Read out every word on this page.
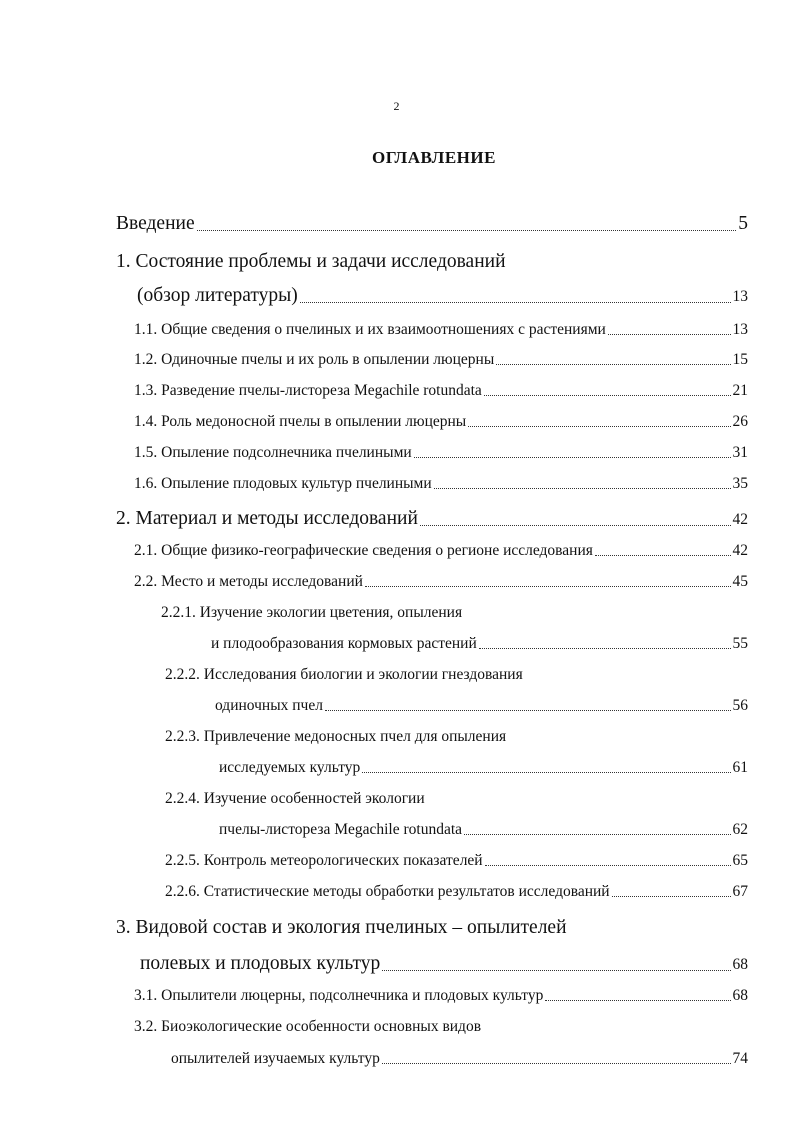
2
ОГЛАВЛЕНИЕ
Введение	5
1. Состояние проблемы и задачи исследований
(обзор литературы)	13
1.1. Общие сведения о пчелиных и их взаимоотношениях с растениями	13
1.2. Одиночные пчелы и их роль в опылении люцерны	15
1.3. Разведение пчелы-листореза Megachile rotundata	21
1.4. Роль медоносной пчелы в опылении люцерны	26
1.5. Опыление подсолнечника пчелиными	31
1.6. Опыление плодовых культур пчелиными	35
2. Материал и методы исследований	42
2.1. Общие физико-географические сведения о регионе исследования	42
2.2. Место и методы исследований	45
2.2.1. Изучение экологии цветения, опыления
и плодообразования кормовых растений	55
2.2.2. Исследования биологии и экологии гнездования
одиночных пчел	56
2.2.3. Привлечение медоносных пчел для опыления
исследуемых культур	61
2.2.4. Изучение особенностей экологии
пчелы-листореза Megachile rotundata	62
2.2.5. Контроль метеорологических показателей	65
2.2.6. Статистические методы обработки результатов исследований	67
3. Видовой состав и экология пчелиных – опылителей
полевых и плодовых культур	68
3.1. Опылители люцерны, подсолнечника и плодовых культур	68
3.2. Биоэкологические особенности основных видов
опылителей изучаемых культур	74
